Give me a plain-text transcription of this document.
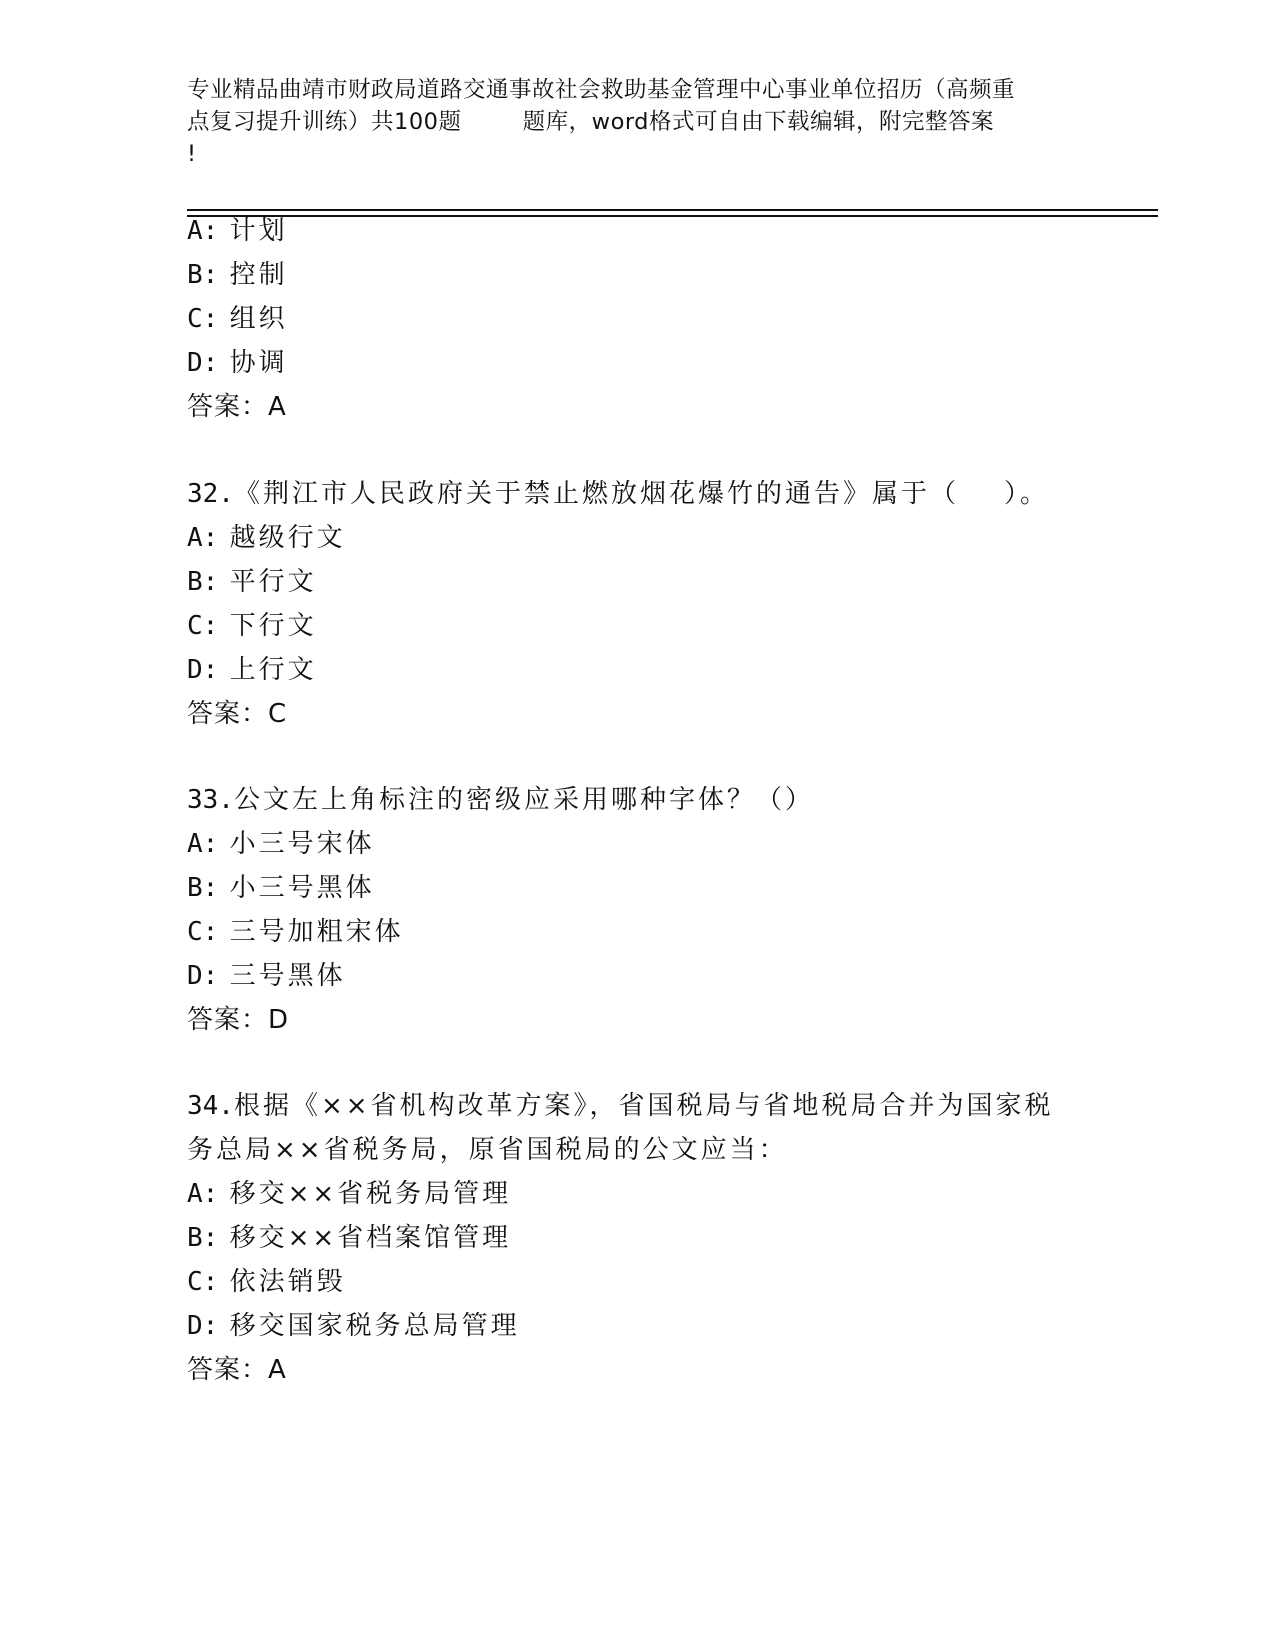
专业精品曲靖市财政局道路交通事故社会救助基金管理中心事业单位招历（高频重
点复习提升训练）共100题        题库，word格式可自由下载编辑，附完整答案
!
A: 计划
B: 控制
C: 组织
D: 协调
答案：A
32.《荆江市人民政府关于禁止燃放烟花爆竹的通告》属于（    ）。
A: 越级行文
B: 平行文
C: 下行文
D: 上行文
答案：C
33.公文左上角标注的密级应采用哪种字体？（）
A: 小三号宋体
B: 小三号黑体
C: 三号加粗宋体
D: 三号黑体
答案：D
34.根据《××省机构改革方案》，省国税局与省地税局合并为国家税
务总局××省税务局，原省国税局的公文应当：
A: 移交××省税务局管理
B: 移交××省档案馆管理
C: 依法销毁
D: 移交国家税务总局管理
答案：A
